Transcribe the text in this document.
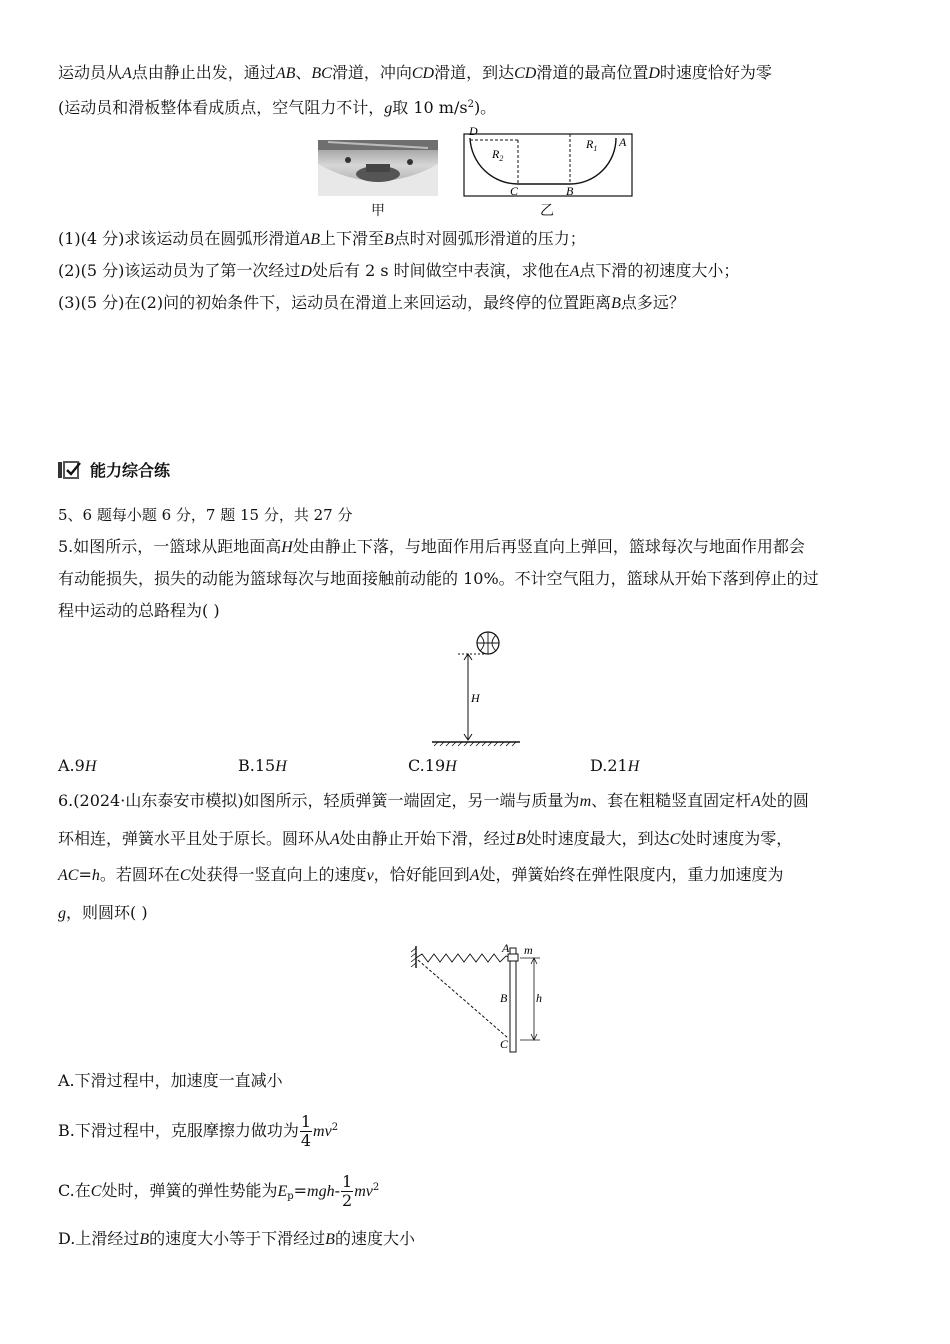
运动员从A点由静止出发，通过AB、BC滑道，冲向CD滑道，到达CD滑道的最高位置D时速度恰好为零
(运动员和滑板整体看成质点，空气阻力不计，g取 10 $m/s^2$)。
甲
D
$R_2$
C	B
$R_1$ A
乙
(1)(4 分)求该运动员在圆弧形滑道AB上下滑至B点时对圆弧形滑道的压力；
(2)(5 分)该运动员为了第一次经过D处后有 2 s 时间做空中表演，求他在A点下滑的初速度大小；
(3)(5 分)在(2)问的初始条件下，运动员在滑道上来回运动，最终停的位置距离B点多远？
能力综合练
5、6 题每小题 6 分，7 题 15 分，共 27 分
5.如图所示，一篮球从距地面高H处由静止下落，与地面作用后再竖直向上弹回，篮球每次与地面作用都会
有动能损失，损失的动能为篮球每次与地面接触前动能的 10%。不计空气阻力，篮球从开始下落到停止的过
程中运动的总路程为( )
H
A.9H	B.15H	C.19H	D.21H
6.(2024·山东泰安市模拟)如图所示，轻质弹簧一端固定，另一端与质量为m、套在粗糙竖直固定杆A处的圆
环相连，弹簧水平且处于原长。圆环从A处由静止开始下滑，经过B处时速度最大，到达C处时速度为零，
AC=h。若圆环在C处获得一竖直向上的速度v，恰好能回到A处，弹簧始终在弹性限度内，重力加速度为
g，则圆环( )
A m
B
C
h
A.下滑过程中，加速度一直减小
B.下滑过程中，克服摩擦力做功为 $\frac{1}{4} mv^2$
C.在C处时，弹簧的弹性势能为$E_p=mgh- \frac{1}{2} mv^2$
D.上滑经过B的速度大小等于下滑经过B的速度大小
